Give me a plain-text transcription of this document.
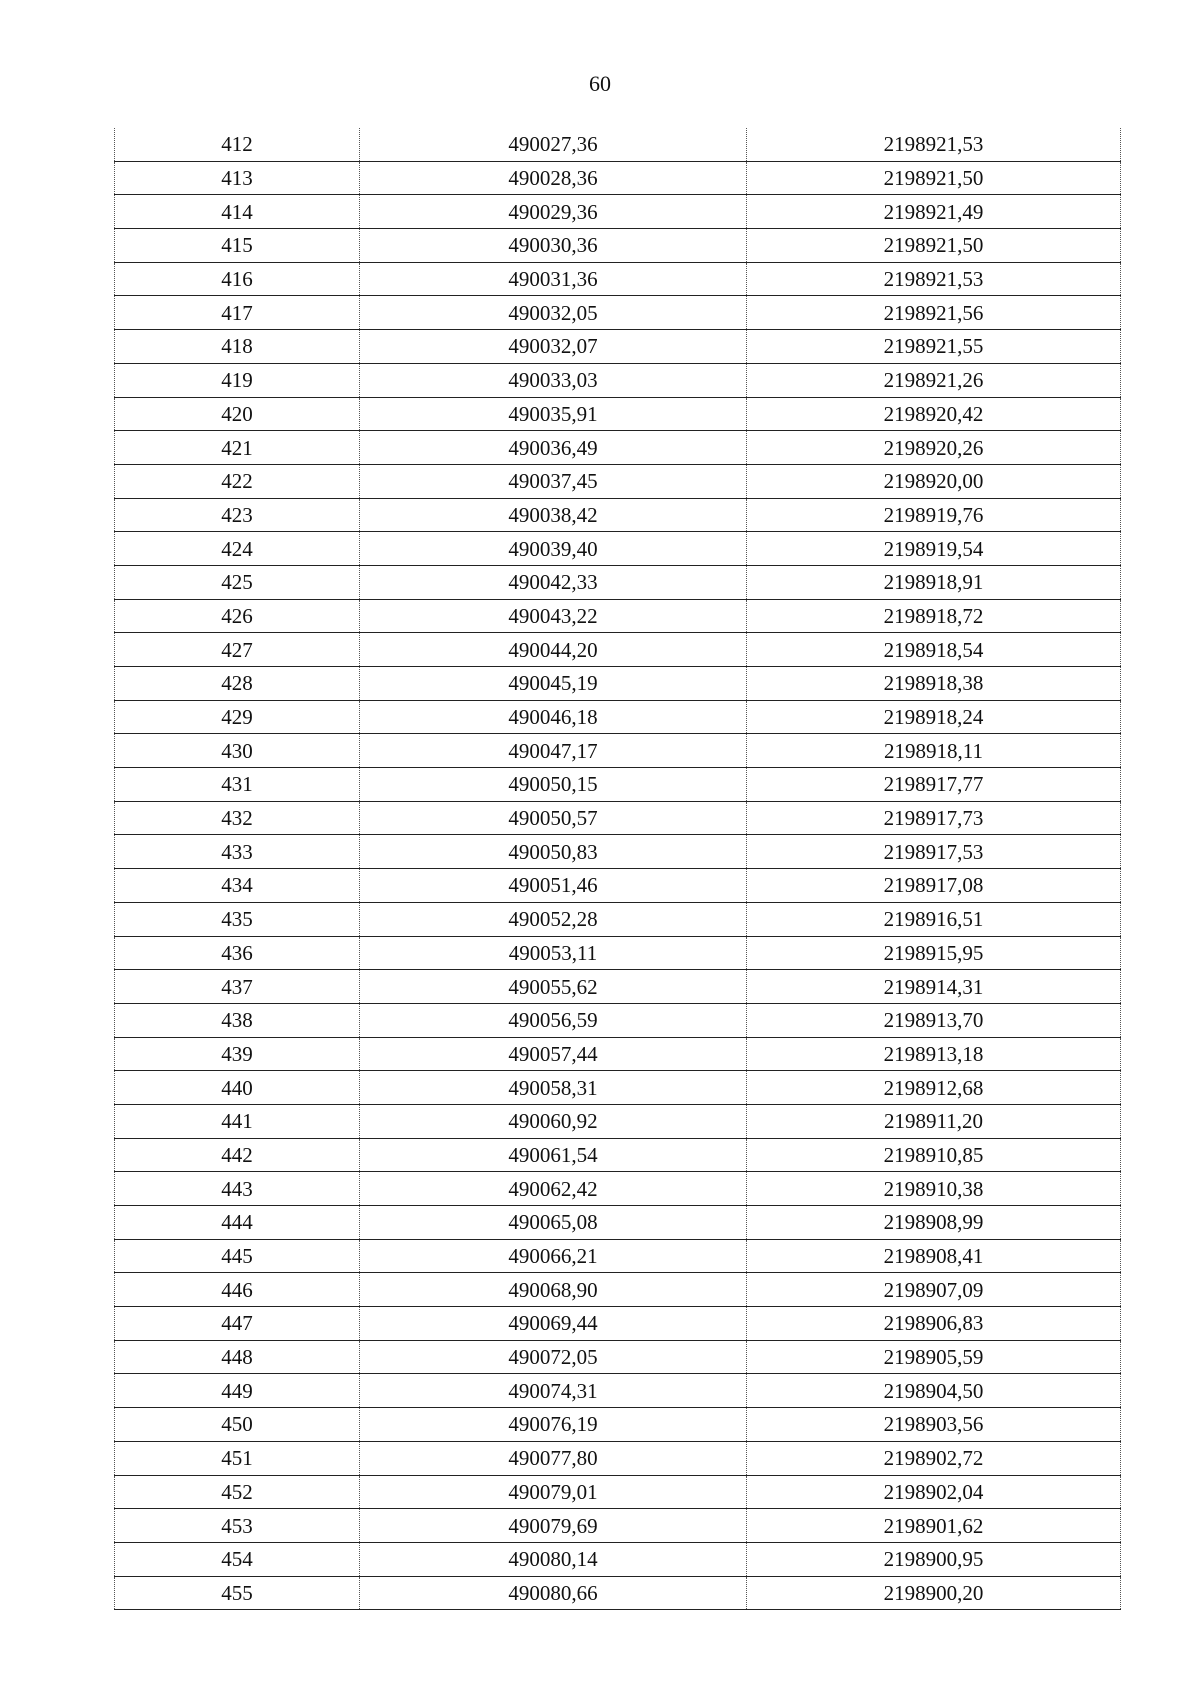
60
412	490027,36	2198921,53
413	490028,36	2198921,50
414	490029,36	2198921,49
415	490030,36	2198921,50
416	490031,36	2198921,53
417	490032,05	2198921,56
418	490032,07	2198921,55
419	490033,03	2198921,26
420	490035,91	2198920,42
421	490036,49	2198920,26
422	490037,45	2198920,00
423	490038,42	2198919,76
424	490039,40	2198919,54
425	490042,33	2198918,91
426	490043,22	2198918,72
427	490044,20	2198918,54
428	490045,19	2198918,38
429	490046,18	2198918,24
430	490047,17	2198918,11
431	490050,15	2198917,77
432	490050,57	2198917,73
433	490050,83	2198917,53
434	490051,46	2198917,08
435	490052,28	2198916,51
436	490053,11	2198915,95
437	490055,62	2198914,31
438	490056,59	2198913,70
439	490057,44	2198913,18
440	490058,31	2198912,68
441	490060,92	2198911,20
442	490061,54	2198910,85
443	490062,42	2198910,38
444	490065,08	2198908,99
445	490066,21	2198908,41
446	490068,90	2198907,09
447	490069,44	2198906,83
448	490072,05	2198905,59
449	490074,31	2198904,50
450	490076,19	2198903,56
451	490077,80	2198902,72
452	490079,01	2198902,04
453	490079,69	2198901,62
454	490080,14	2198900,95
455	490080,66	2198900,20
